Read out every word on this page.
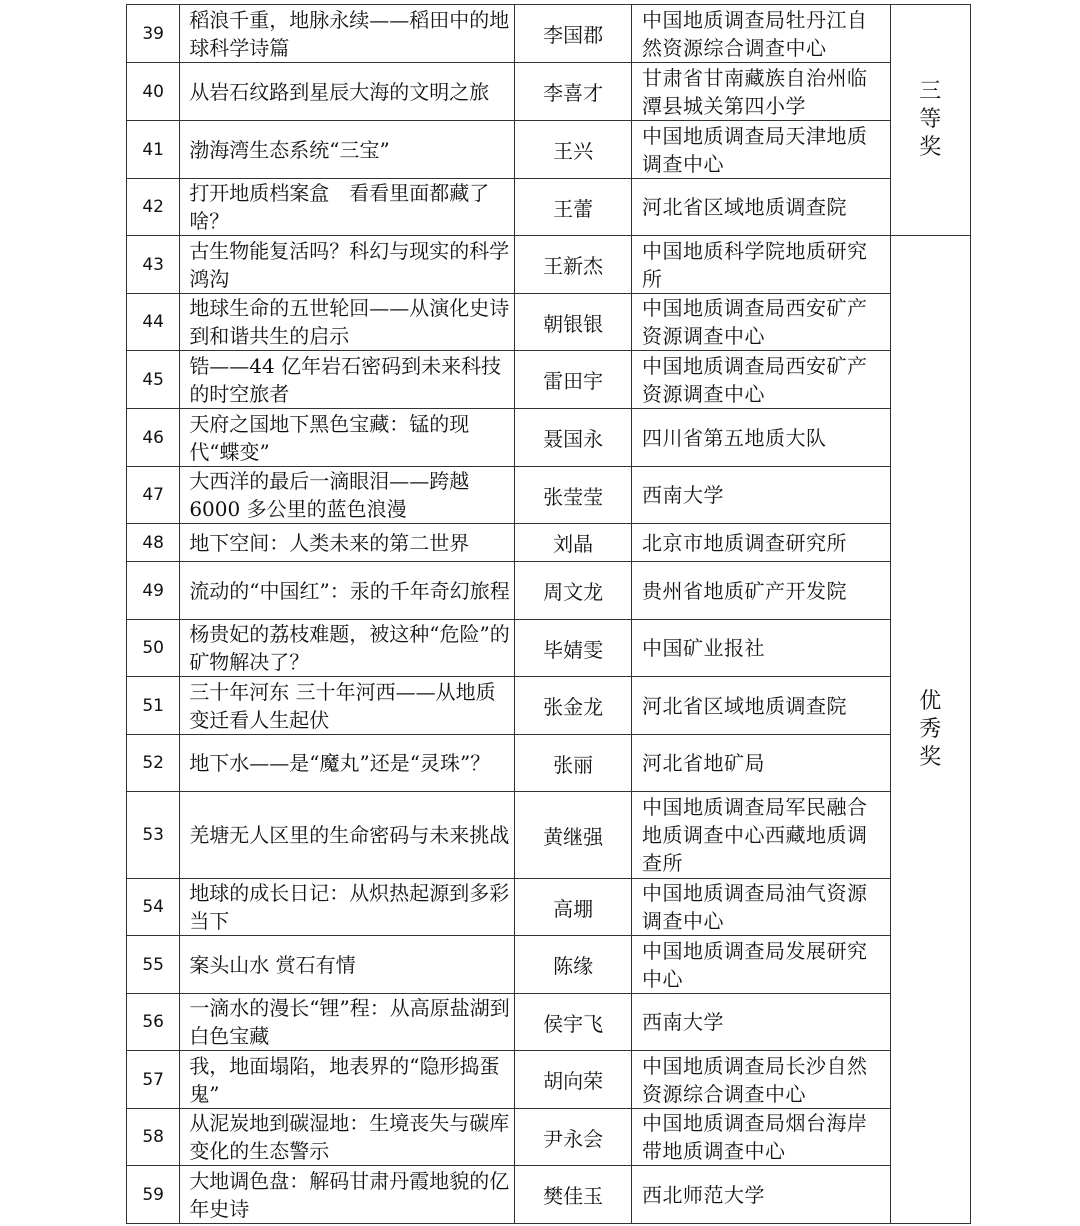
39	稻浪千重，地脉永续——稻田中的地球科学诗篇	李国郡	中国地质调查局牡丹江自然资源综合调查中心	三等奖
40	从岩石纹路到星辰大海的文明之旅	李喜才	甘肃省甘南藏族自治州临潭县城关第四小学	
41	渤海湾生态系统“三宝”	王兴	中国地质调查局天津地质调查中心	
42	打开地质档案盒　看看里面都藏了啥？	王蕾	河北省区域地质调查院	
43	古生物能复活吗？科幻与现实的科学鸿沟	王新杰	中国地质科学院地质研究所	优秀奖
44	地球生命的五世轮回——从演化史诗到和谐共生的启示	朝银银	中国地质调查局西安矿产资源调查中心	
45	锆——44 亿年岩石密码到未来科技的时空旅者	雷田宇	中国地质调查局西安矿产资源调查中心	
46	天府之国地下黑色宝藏：锰的现代“蝶变”	聂国永	四川省第五地质大队	
47	大西洋的最后一滴眼泪——跨越6000 多公里的蓝色浪漫	张莹莹	西南大学	
48	地下空间：人类未来的第二世界	刘晶	北京市地质调查研究所	
49	流动的“中国红”：汞的千年奇幻旅程	周文龙	贵州省地质矿产开发院	
50	杨贵妃的荔枝难题，被这种“危险”的矿物解决了？	毕婧雯	中国矿业报社	
51	三十年河东 三十年河西——从地质变迁看人生起伏	张金龙	河北省区域地质调查院	
52	地下水——是“魔丸”还是“灵珠”？	张丽	河北省地矿局	
53	羌塘无人区里的生命密码与未来挑战	黄继强	中国地质调查局军民融合地质调查中心西藏地质调查所	
54	地球的成长日记：从炽热起源到多彩当下	高堋	中国地质调查局油气资源调查中心	
55	案头山水 赏石有情	陈缘	中国地质调查局发展研究中心	
56	一滴水的漫长“锂”程：从高原盐湖到白色宝藏	侯宇飞	西南大学	
57	我，地面塌陷，地表界的“隐形捣蛋鬼”	胡向荣	中国地质调查局长沙自然资源综合调查中心	
58	从泥炭地到碳湿地：生境丧失与碳库变化的生态警示	尹永会	中国地质调查局烟台海岸带地质调查中心	
59	大地调色盘：解码甘肃丹霞地貌的亿年史诗	樊佳玉	西北师范大学	
